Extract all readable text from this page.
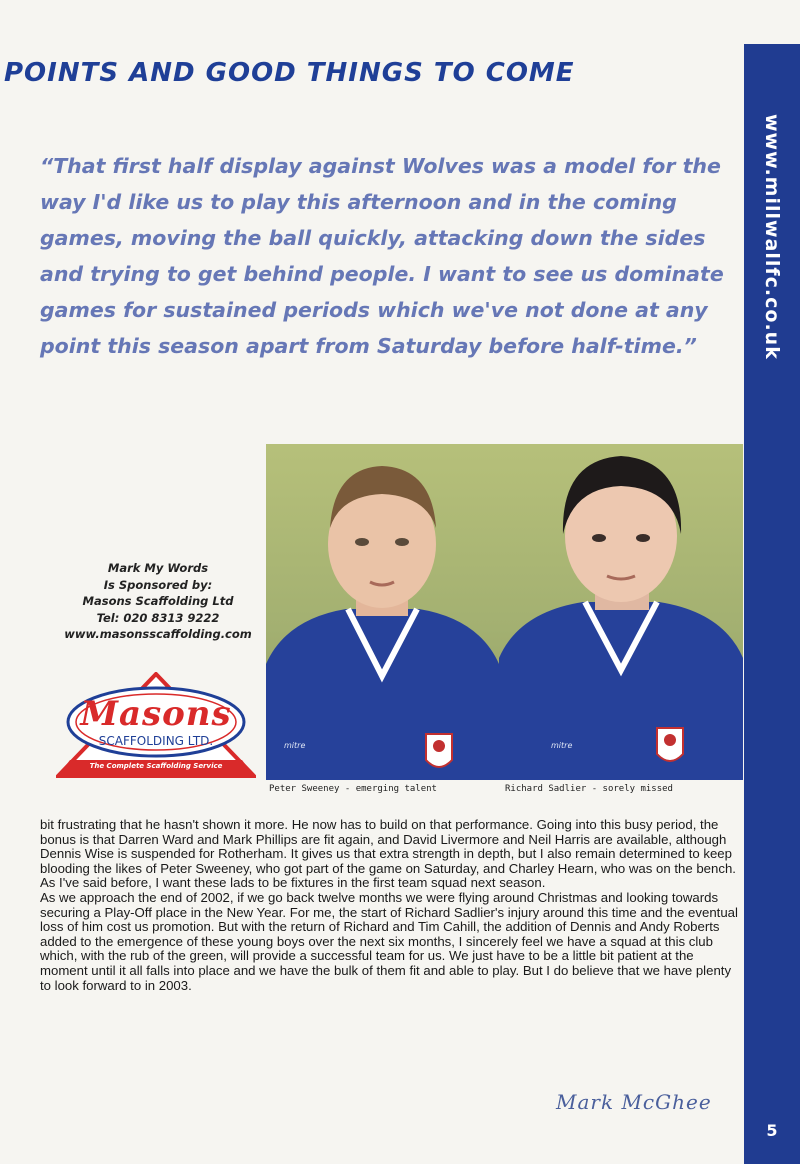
POINTS AND GOOD THINGS TO COME
www.millwallfc.co.uk
5
“That first half display against Wolves was a model for the way I'd like us to play this afternoon and in the coming games, moving the ball quickly, attacking down the sides and trying to get behind people. I want to see us dominate games for sustained periods which we've not done at any point this season apart from Saturday before half-time.”
mitre	mitre
Peter Sweeney - emerging talent	Richard Sadlier - sorely missed
Mark My Words
Is Sponsored by:
Masons Scaffolding Ltd
Tel: 020 8313 9222
www.masonsscaffolding.com
Masons
SCAFFOLDING LTD.
The Complete Scaffolding Service

bit frustrating that he hasn't shown it more. He now has to build on that performance. Going into this busy period, the bonus is that Darren Ward and Mark Phillips are fit again, and David Livermore and Neil Harris are available, although Dennis Wise is suspended for Rotherham. It gives us that extra strength in depth, but I also remain determined to keep blooding the likes of Peter Sweeney, who got part of the game on Saturday, and Charley Hearn, who was on the bench. As I've said before, I want these lads to be fixtures in the first team squad next season.

As we approach the end of 2002, if we go back twelve months we were flying around Christmas and looking towards securing a Play-Off place in the New Year. For me, the start of Richard Sadlier's injury around this time and the eventual loss of him cost us promotion. But with the return of Richard and Tim Cahill, the addition of Dennis and Andy Roberts added to the emergence of these young boys over the next six months, I sincerely feel we have a squad at this club which, with the rub of the green, will provide a successful team for us. We just have to be a little bit patient at the moment until it all falls into place and we have the bulk of them fit and able to play. But I do believe that we have plenty to look forward to in 2003.

Mark McGhee
